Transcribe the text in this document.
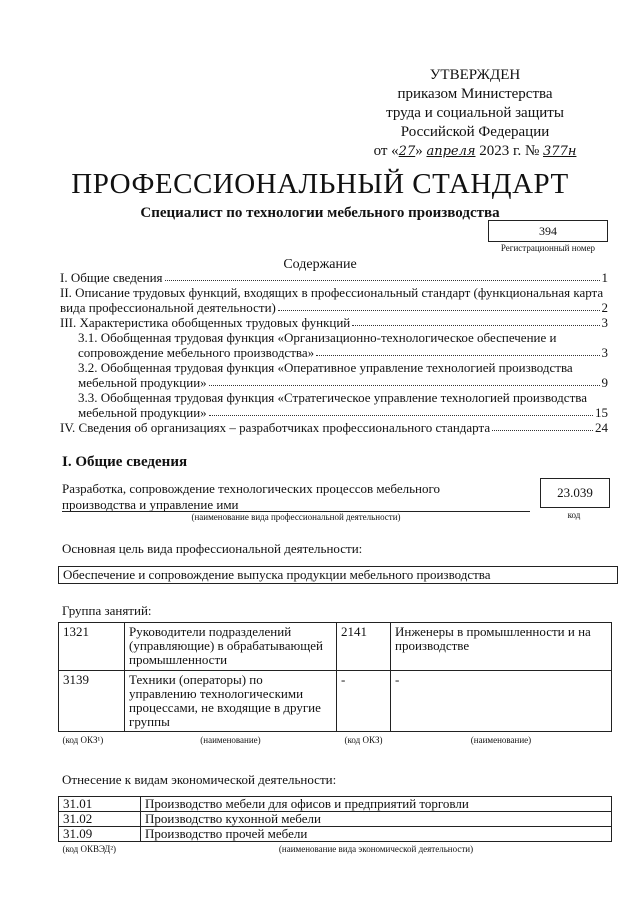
УТВЕРЖДЕН
приказом Министерства
труда и социальной защиты
Российской Федерации
от «27» апреля 2023 г. № 377н
ПРОФЕССИОНАЛЬНЫЙ СТАНДАРТ
Специалист по технологии мебельного производства
394
Регистрационный номер
Содержание
I. Общие сведения	1
II. Описание трудовых функций, входящих в профессиональный стандарт (функциональная карта
вида профессиональной деятельности)	2
III. Характеристика обобщенных трудовых функций	3
3.1. Обобщенная трудовая функция «Организационно-технологическое обеспечение и
сопровождение мебельного производства»	3
3.2. Обобщенная трудовая функция «Оперативное управление технологией производства
мебельной продукции»	9
3.3. Обобщенная трудовая функция «Стратегическое управление технологией производства
мебельной продукции»	15
IV. Сведения об организациях – разработчиках профессионального стандарта	24
I. Общие сведения
Разработка, сопровождение технологических процессов мебельного
производства и управление ими
(наименование вида профессиональной деятельности)
23.039
код
Основная цель вида профессиональной деятельности:
Обеспечение и сопровождение выпуска продукции мебельного производства
Группа занятий:
1321	Руководители подразделений (управляющие) в обрабатывающей промышленности	2141	Инженеры в промышленности и на производстве
3139	Техники (операторы) по управлению технологическими процессами, не входящие в другие группы	-	-
(код ОКЗ¹)	(наименование)	(код ОКЗ)	(наименование)
Отнесение к видам экономической деятельности:
31.01	Производство мебели для офисов и предприятий торговли
31.02	Производство кухонной мебели
31.09	Производство прочей мебели
(код ОКВЭД²)	(наименование вида экономической деятельности)
